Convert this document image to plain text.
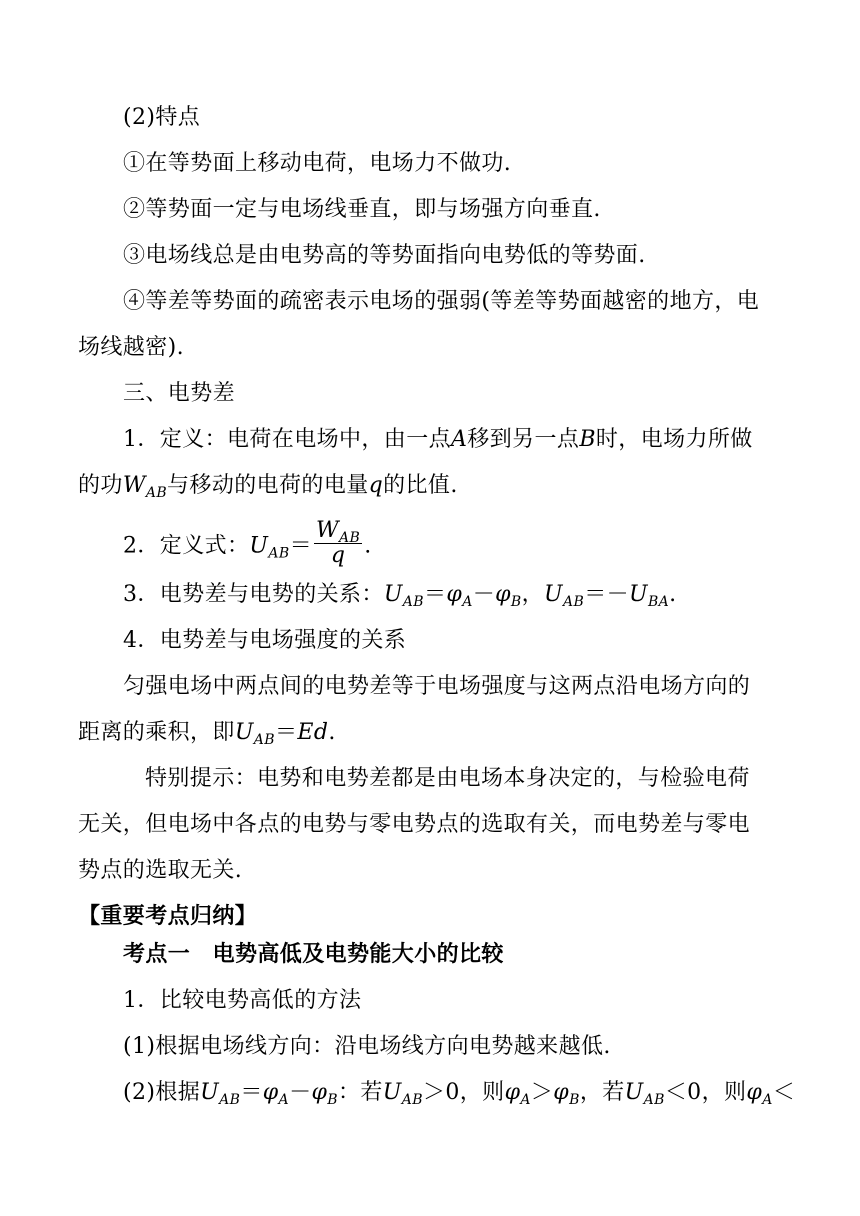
(2)特点
①在等势面上移动电荷，电场力不做功.
②等势面一定与电场线垂直，即与场强方向垂直.
③电场线总是由电势高的等势面指向电势低的等势面.
④等差等势面的疏密表示电场的强弱(等差等势面越密的地方，电
场线越密).
三、电势差
1．定义：电荷在电场中，由一点A移到另一点B时，电场力所做
的功$W_{AB}$与移动的电荷的电量q的比值.
2．定义式：$U_{AB}= \frac{W_{AB}}{q}$ .
3．电势差与电势的关系：$U_{AB}=\varphi_A-\varphi_B$，$U_{AB}=-U_{BA}$.
4．电势差与电场强度的关系
匀强电场中两点间的电势差等于电场强度与这两点沿电场方向的
距离的乘积，即$U_{AB}=Ed$.
特别提示：电势和电势差都是由电场本身决定的，与检验电荷
无关，但电场中各点的电势与零电势点的选取有关，而电势差与零电
势点的选取无关.
【重要考点归纳】
考点一　电势高低及电势能大小的比较
1．比较电势高低的方法
(1)根据电场线方向：沿电场线方向电势越来越低.
(2)根据$U_{AB}=\varphi_A-\varphi_B$：若$U_{AB}>0$，则$\varphi_A>\varphi_B$，若$U_{AB}<0$，则$\varphi_A<$
